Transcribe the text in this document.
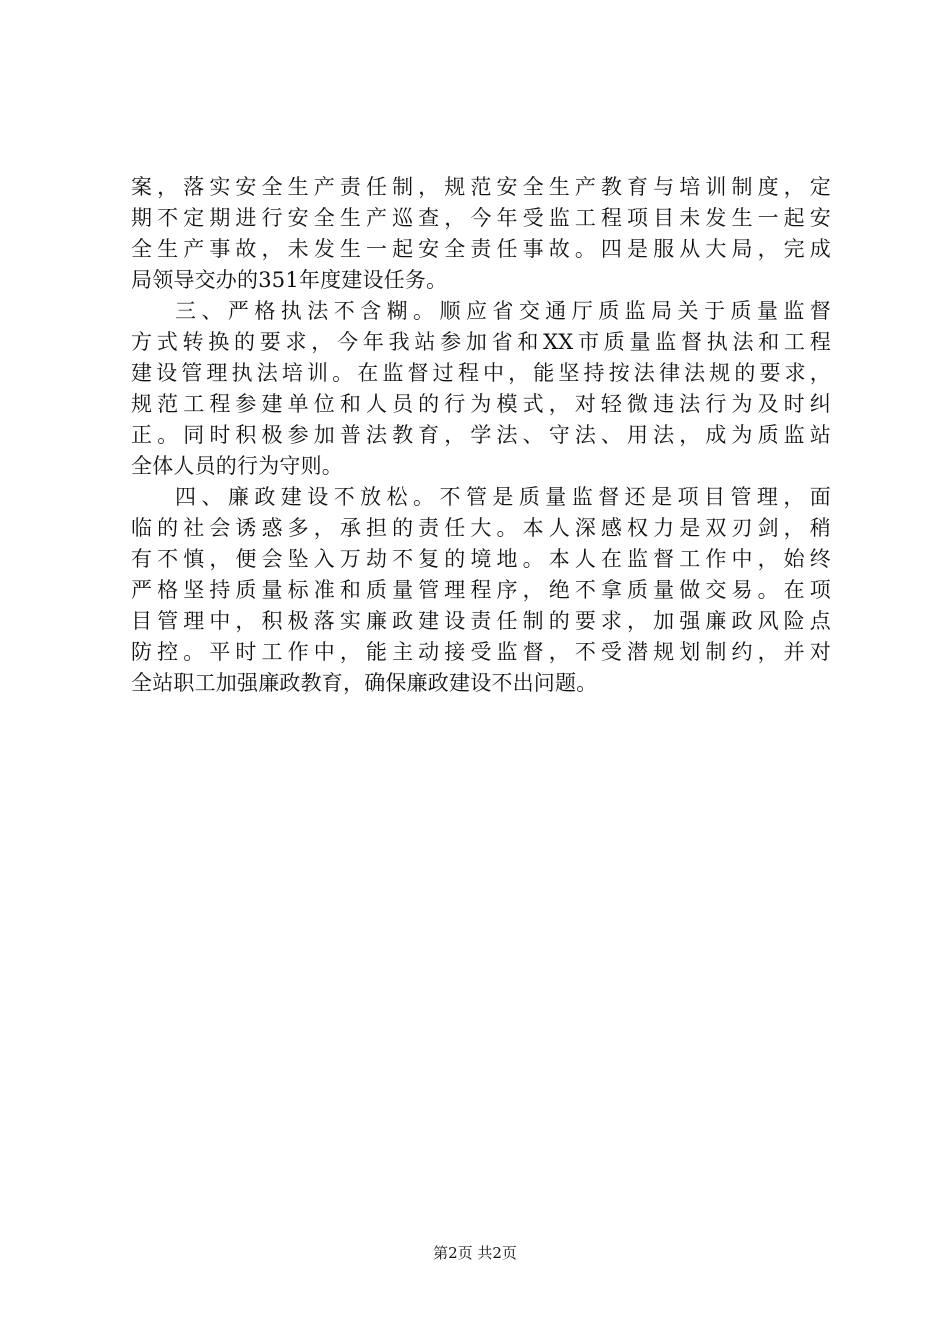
案，落实安全生产责任制，规范安全生产教育与培训制度，定
期不定期进行安全生产巡查，今年受监工程项目未发生一起安
全生产事故，未发生一起安全责任事故。四是服从大局，完成
局领导交办的351年度建设任务。
三、严格执法不含糊。顺应省交通厅质监局关于质量监督
方式转换的要求，今年我站参加省和XX市质量监督执法和工程
建设管理执法培训。在监督过程中，能坚持按法律法规的要求，
规范工程参建单位和人员的行为模式，对轻微违法行为及时纠
正。同时积极参加普法教育，学法、守法、用法，成为质监站
全体人员的行为守则。
四、廉政建设不放松。不管是质量监督还是项目管理，面
临的社会诱惑多，承担的责任大。本人深感权力是双刃剑，稍
有不慎，便会坠入万劫不复的境地。本人在监督工作中，始终
严格坚持质量标准和质量管理程序，绝不拿质量做交易。在项
目管理中，积极落实廉政建设责任制的要求，加强廉政风险点
防控。平时工作中，能主动接受监督，不受潜规划制约，并对
全站职工加强廉政教育，确保廉政建设不出问题。
第2页 共2页
